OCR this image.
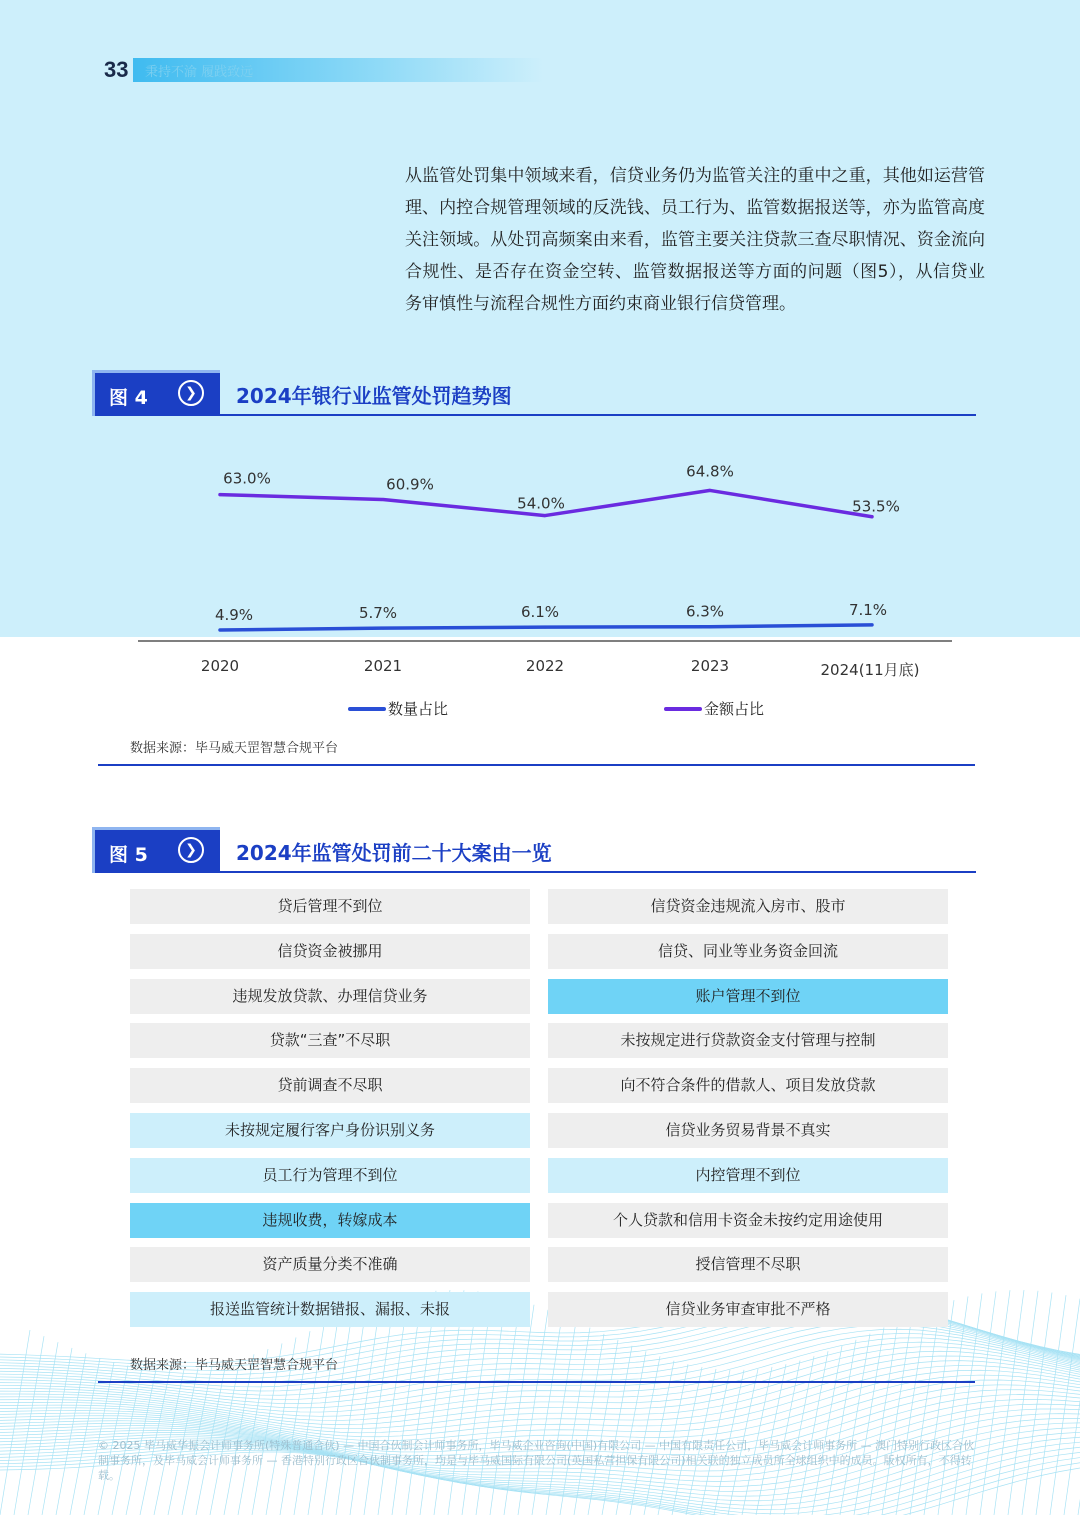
33	秉持不渝 履践致远

从监管处罚集中领域来看，信贷业务仍为监管关注的重中之重，其他如运营管理、内控合规管理领域的反洗钱、员工行为、监管数据报送等，亦为监管高度关注领域。从处罚高频案由来看，监管主要关注贷款三查尽职情况、资金流向合规性、是否存在资金空转、监管数据报送等方面的问题（图5），从信贷业务审慎性与流程合规性方面约束商业银行信贷管理。

图 4	❯	2024年银行业监管处罚趋势图
2020	2021	2022	2023	2024(11月底)
4.9%	5.7%	6.1%	6.3%	7.1%
63.0%	60.9%
54.0%
64.8%
53.5%
数量占比	金额占比
数据来源：毕马威天罡智慧合规平台
图 5	❯	2024年监管处罚前二十大案由一览
贷后管理不到位
信贷资金被挪用
违规发放贷款、办理信贷业务
贷款“三查”不尽职
贷前调查不尽职
未按规定履行客户身份识别义务
员工行为管理不到位
违规收费，转嫁成本
资产质量分类不准确
报送监管统计数据错报、漏报、未报
信贷资金违规流入房市、股市
信贷、同业等业务资金回流
账户管理不到位
未按规定进行贷款资金支付管理与控制
向不符合条件的借款人、项目发放贷款
信贷业务贸易背景不真实
内控管理不到位
个人贷款和信用卡资金未按约定用途使用
授信管理不尽职
信贷业务审查审批不严格
数据来源：毕马威天罡智慧合规平台
© 2025 毕马威华振会计师事务所(特殊普通合伙) — 中国合伙制会计师事务所，毕马威企业咨询(中国)有限公司 — 中国有限责任公司，毕马威会计师事务所 — 澳门特别行政区合伙制事务所，及毕马威会计师事务所 — 香港特别行政区合伙制事务所，均是与毕马威国际有限公司(英国私营担保有限公司)相关联的独立成员所全球组织中的成员。版权所有，不得转载。
